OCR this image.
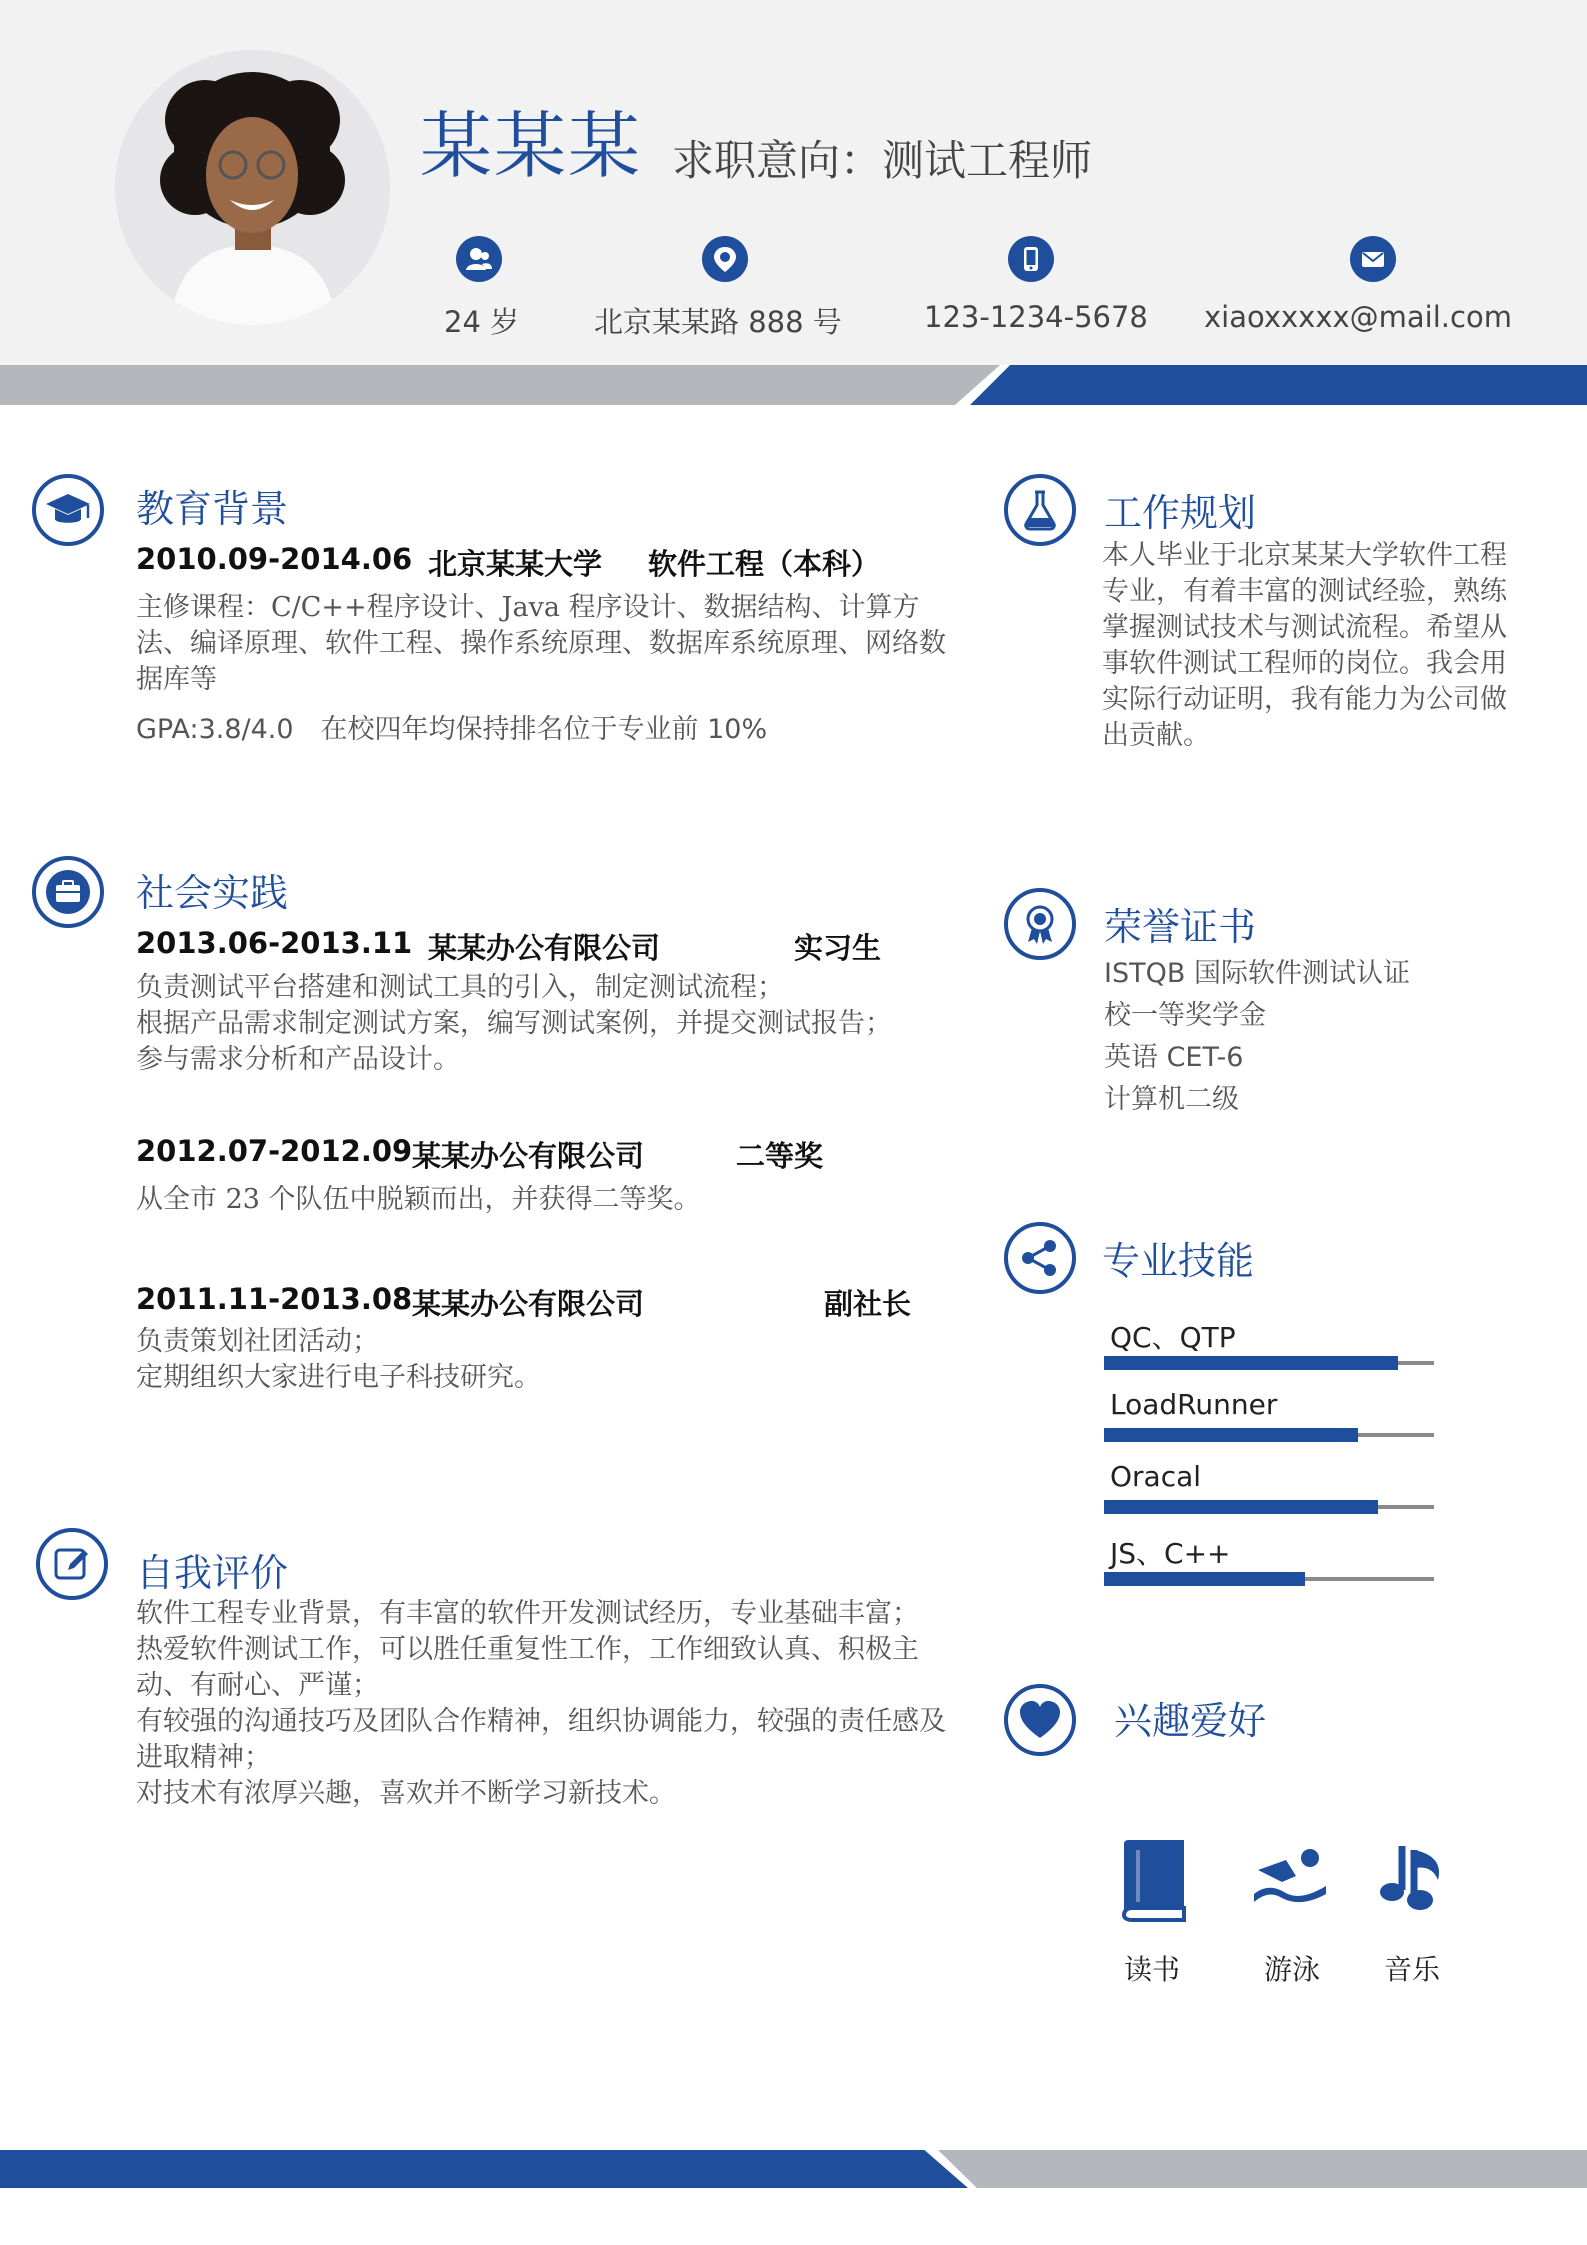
某某某 求职意向：测试工程师
24 岁	北京某某路 888 号	123-1234-5678 xiaoxxxxx@mail.com
教育背景
2010.09-2014.06 北京某某大学 软件工程（本科）
主修课程：C/C++程序设计、Java 程序设计、数据结构、计算方法、编译原理、软件工程、操作系统原理、数据库系统原理、网络数据库等
GPA:3.8/4.0　在校四年均保持排名位于专业前 10%
社会实践
2013.06-2013.11 某某办公有限公司	实习生
负责测试平台搭建和测试工具的引入，制定测试流程；
根据产品需求制定测试方案，编写测试案例，并提交测试报告；
参与需求分析和产品设计。
2012.07-2012.09 某某办公有限公司	二等奖
从全市 23 个队伍中脱颖而出，并获得二等奖。
2011.11-2013.08 某某办公有限公司	副社长
负责策划社团活动；
定期组织大家进行电子科技研究。
自我评价
软件工程专业背景，有丰富的软件开发测试经历，专业基础丰富；
热爱软件测试工作，可以胜任重复性工作，工作细致认真、积极主动、有耐心、严谨；
有较强的沟通技巧及团队合作精神，组织协调能力，较强的责任感及进取精神；
对技术有浓厚兴趣，喜欢并不断学习新技术。
工作规划
本人毕业于北京某某大学软件工程专业，有着丰富的测试经验，熟练掌握测试技术与测试流程。希望从事软件测试工程师的岗位。我会用实际行动证明，我有能力为公司做出贡献。
荣誉证书
ISTQB 国际软件测试认证
校一等奖学金
英语 CET-6
计算机二级
专业技能
QC、QTP
LoadRunner
Oracal
JS、C++
兴趣爱好
读书	游泳	音乐
